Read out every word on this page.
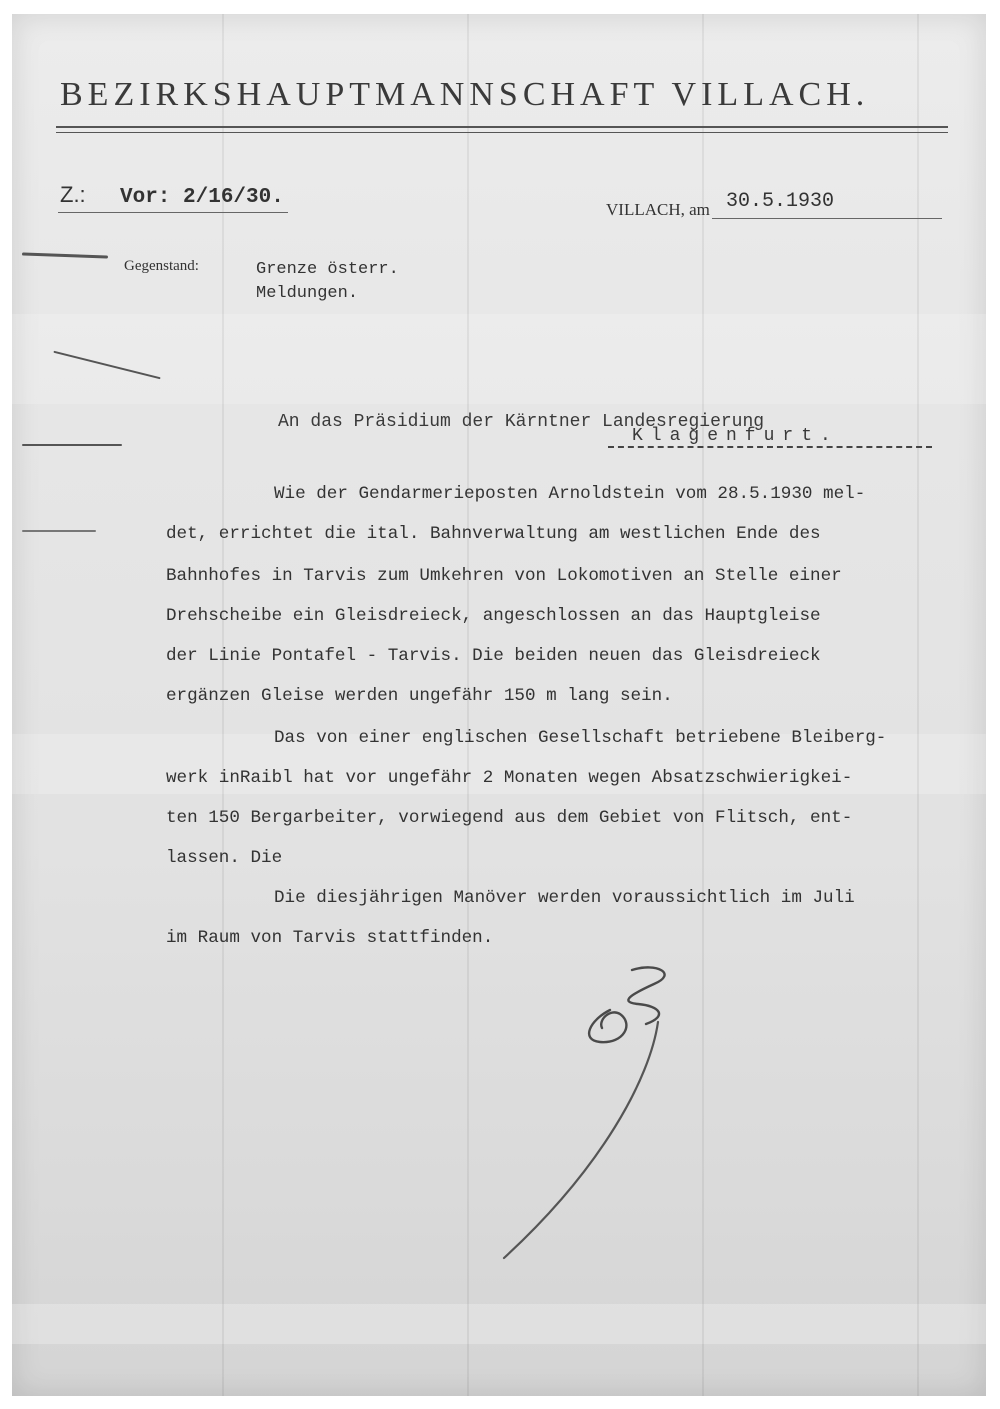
BEZIRKSHAUPTMANNSCHAFT VILLACH.
Z.: Vor: 2/16/30.
VILLACH, am 30.5.1930
Gegenstand:	Grenze österr.
Meldungen.
An das Präsidium der Kärntner Landesregierung
Klagenfurt.
Wie der Gendarmerieposten Arnoldstein vom 28.5.1930 mel-
det, errichtet die ital. Bahnverwaltung am westlichen Ende des
Bahnhofes in Tarvis zum Umkehren von Lokomotiven an Stelle einer
Drehscheibe ein Gleisdreieck, angeschlossen an das Hauptgleise
der Linie Pontafel - Tarvis. Die beiden neuen das Gleisdreieck
ergänzen Gleise werden ungefähr 150 m lang sein.
Das von einer englischen Gesellschaft betriebene Bleiberg-
werk inRaibl hat vor ungefähr 2 Monaten wegen Absatzschwierigkei-
ten 150 Bergarbeiter, vorwiegend aus dem Gebiet von Flitsch, ent-
lassen. Die
Die diesjährigen Manöver werden voraussichtlich im Juli
im Raum von Tarvis stattfinden.
